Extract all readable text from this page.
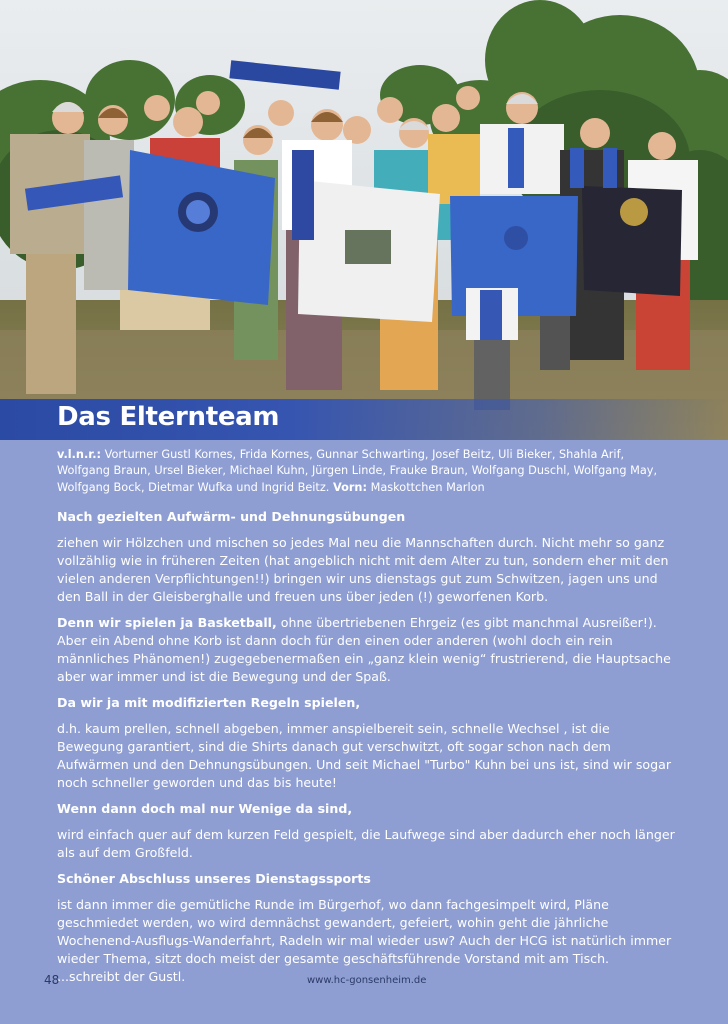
Das Elternteam

v.l.n.r.: Vorturner Gustl Kornes, Frida Kornes, Gunnar Schwarting, Josef Beitz, Uli Bieker, Shahla Arif, Wolfgang Braun, Ursel Bieker, Michael Kuhn, Jürgen Linde, Frauke Braun, Wolfgang Duschl, Wolfgang May, Wolfgang Bock, Dietmar Wufka und Ingrid Beitz. Vorn: Maskottchen Marlon

Nach gezielten Aufwärm- und Dehnungsübungen

ziehen wir Hölzchen und mischen so jedes Mal neu die Mannschaften durch. Nicht mehr so ganz vollzählig wie in früheren Zeiten (hat angeblich nicht mit dem Alter zu tun, sondern eher mit den vielen anderen Verpflichtungen!!) bringen wir uns dienstags gut zum Schwitzen, jagen uns und den Ball in der Gleisberghalle und freuen uns über jeden (!) geworfenen Korb.

Denn wir spielen ja Basketball, ohne übertriebenen Ehrgeiz (es gibt manchmal Ausreißer!). Aber ein Abend ohne Korb ist dann doch für den einen oder anderen (wohl doch ein rein männliches Phänomen!) zugegebenermaßen ein „ganz klein wenig“ frustrierend, die Hauptsache aber war immer und ist die Bewegung und der Spaß.

Da wir ja mit modifizierten Regeln spielen,

d.h. kaum prellen, schnell abgeben, immer anspielbereit sein, schnelle Wechsel , ist die Bewegung garantiert, sind die Shirts danach gut verschwitzt, oft sogar schon nach dem Aufwärmen und den Dehnungsübungen. Und seit Michael "Turbo" Kuhn bei uns ist, sind wir sogar noch schneller geworden und das bis heute!

Wenn dann doch mal nur Wenige da sind,

wird einfach quer auf dem kurzen Feld gespielt, die Laufwege sind aber dadurch eher noch länger als auf dem Großfeld.

Schöner Abschluss unseres Dienstagssports

ist dann immer die gemütliche Runde im Bürgerhof, wo dann fachgesimpelt wird, Pläne geschmiedet werden, wo wird demnächst gewandert, gefeiert, wohin geht die jährliche Wochenend-Ausflugs-Wanderfahrt, Radeln wir mal wieder usw? Auch der HCG ist natürlich immer wieder Thema, sitzt doch meist der gesamte geschäftsführende Vorstand mit am Tisch.

...schreibt der Gustl.
48	www.hc-gonsenheim.de
